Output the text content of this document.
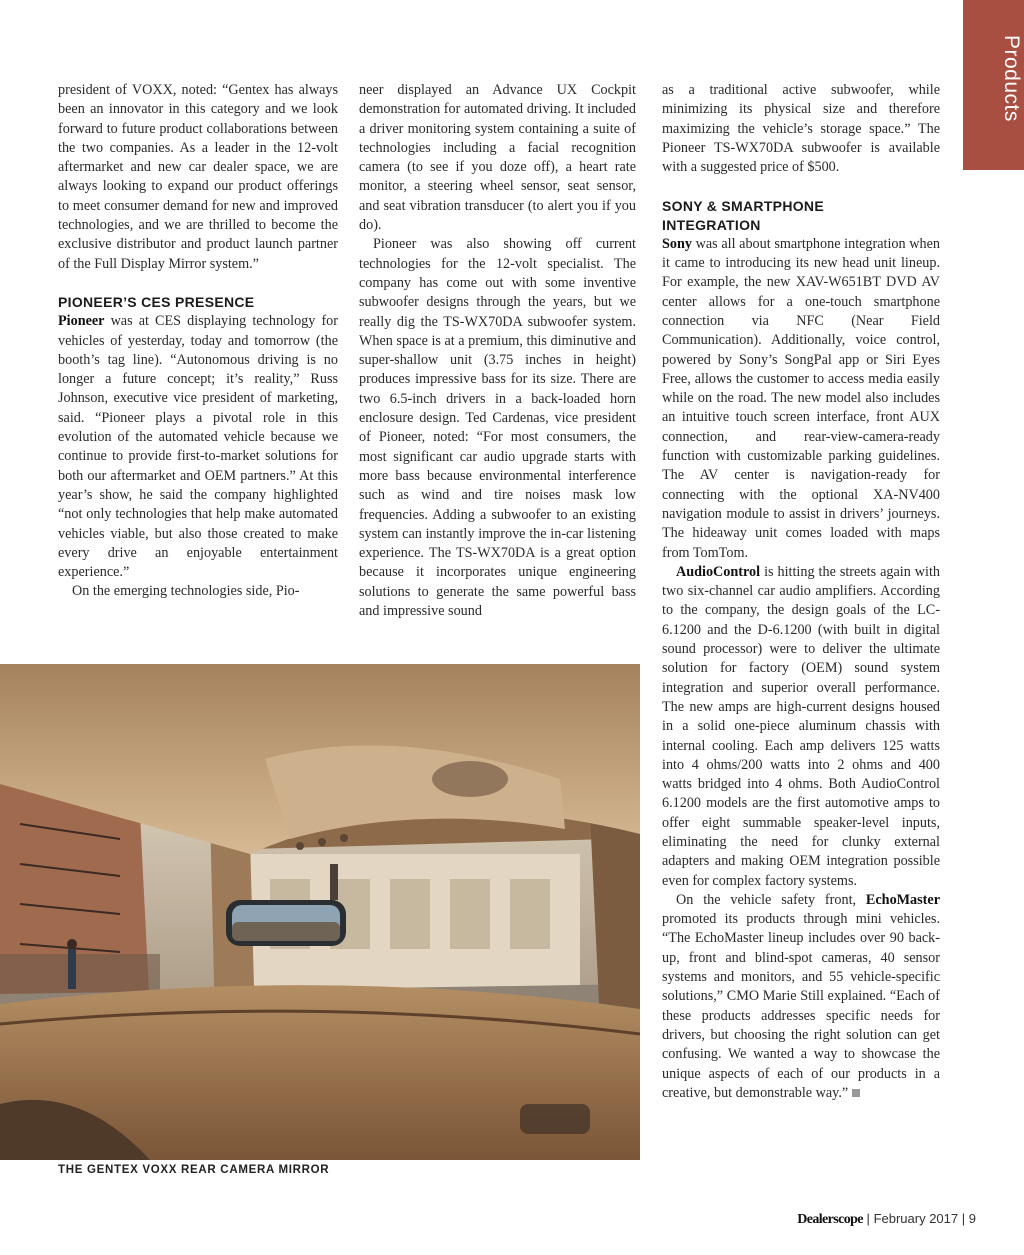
Products

president of VOXX, noted: “Gentex has always been an innovator in this category and we look forward to future product collaborations between the two companies. As a leader in the 12-volt aftermarket and new car dealer space, we are always looking to expand our product offerings to meet consumer demand for new and improved technologies, and we are thrilled to become the exclusive distributor and product launch partner of the Full Display Mirror system.”

PIONEER’S CES PRESENCE

Pioneer was at CES displaying technology for vehicles of yesterday, today and tomorrow (the booth’s tag line). “Autonomous driving is no longer a future concept; it’s reality,” Russ Johnson, executive vice president of marketing, said. “Pioneer plays a pivotal role in this evolution of the automated vehicle because we continue to provide first-to-market solutions for both our aftermarket and OEM partners.” At this year’s show, he said the company highlighted “not only technologies that help make automated vehicles viable, but also those created to make every drive an enjoyable entertainment experience.”

On the emerging technologies side, Pio-

neer displayed an Advance UX Cockpit demonstration for automated driving. It included a driver monitoring system containing a suite of technologies including a facial recognition camera (to see if you doze off), a heart rate monitor, a steering wheel sensor, seat sensor, and seat vibration transducer (to alert you if you do).

Pioneer was also showing off current technologies for the 12-volt specialist. The company has come out with some inventive subwoofer designs through the years, but we really dig the TS-WX70DA subwoofer system. When space is at a premium, this diminutive and super-shallow unit (3.75 inches in height) produces impressive bass for its size. There are two 6.5-inch drivers in a back-loaded horn enclosure design. Ted Cardenas, vice president of Pioneer, noted: “For most consumers, the most significant car audio upgrade starts with more bass because environmental interference such as wind and tire noises mask low frequencies. Adding a subwoofer to an existing system can instantly improve the in-car listening experience. The TS-WX70DA is a great option because it incorporates unique engineering solutions to generate the same powerful bass and impressive sound

as a traditional active subwoofer, while minimizing its physical size and therefore maximizing the vehicle’s storage space.” The Pioneer TS-WX70DA subwoofer is available with a suggested price of $500.

SONY & SMARTPHONE
INTEGRATION

Sony was all about smartphone integration when it came to introducing its new head unit lineup. For example, the new XAV-W651BT DVD AV center allows for a one-touch smartphone connection via NFC (Near Field Communication). Additionally, voice control, powered by Sony’s SongPal app or Siri Eyes Free, allows the customer to access media easily while on the road. The new model also includes an intuitive touch screen interface, front AUX connection, and rear-view-camera-ready function with customizable parking guidelines. The AV center is navigation-ready for connecting with the optional XA-NV400 navigation module to assist in drivers’ journeys. The hideaway unit comes loaded with maps from TomTom.

AudioControl is hitting the streets again with two six-channel car audio amplifiers. According to the company, the design goals of the LC-6.1200 and the D-6.1200 (with built in digital sound processor) were to deliver the ultimate solution for factory (OEM) sound system integration and superior overall performance. The new amps are high-current designs housed in a solid one-piece aluminum chassis with internal cooling. Each amp delivers 125 watts into 4 ohms/200 watts into 2 ohms and 400 watts bridged into 4 ohms. Both AudioControl 6.1200 models are the first automotive amps to offer eight summable speaker-level inputs, eliminating the need for clunky external adapters and making OEM integration possible even for complex factory systems.

On the vehicle safety front, EchoMaster promoted its products through mini vehicles. “The EchoMaster lineup includes over 90 back-up, front and blind-spot cameras, 40 sensor systems and monitors, and 55 vehicle-specific solutions,” CMO Marie Still explained. “Each of these products addresses specific needs for drivers, but choosing the right solution can get confusing. We wanted a way to showcase the unique aspects of each of our products in a creative, but demonstrable way.”

THE GENTEX VOXX REAR CAMERA MIRROR
Dealerscope | February 2017 | 9
